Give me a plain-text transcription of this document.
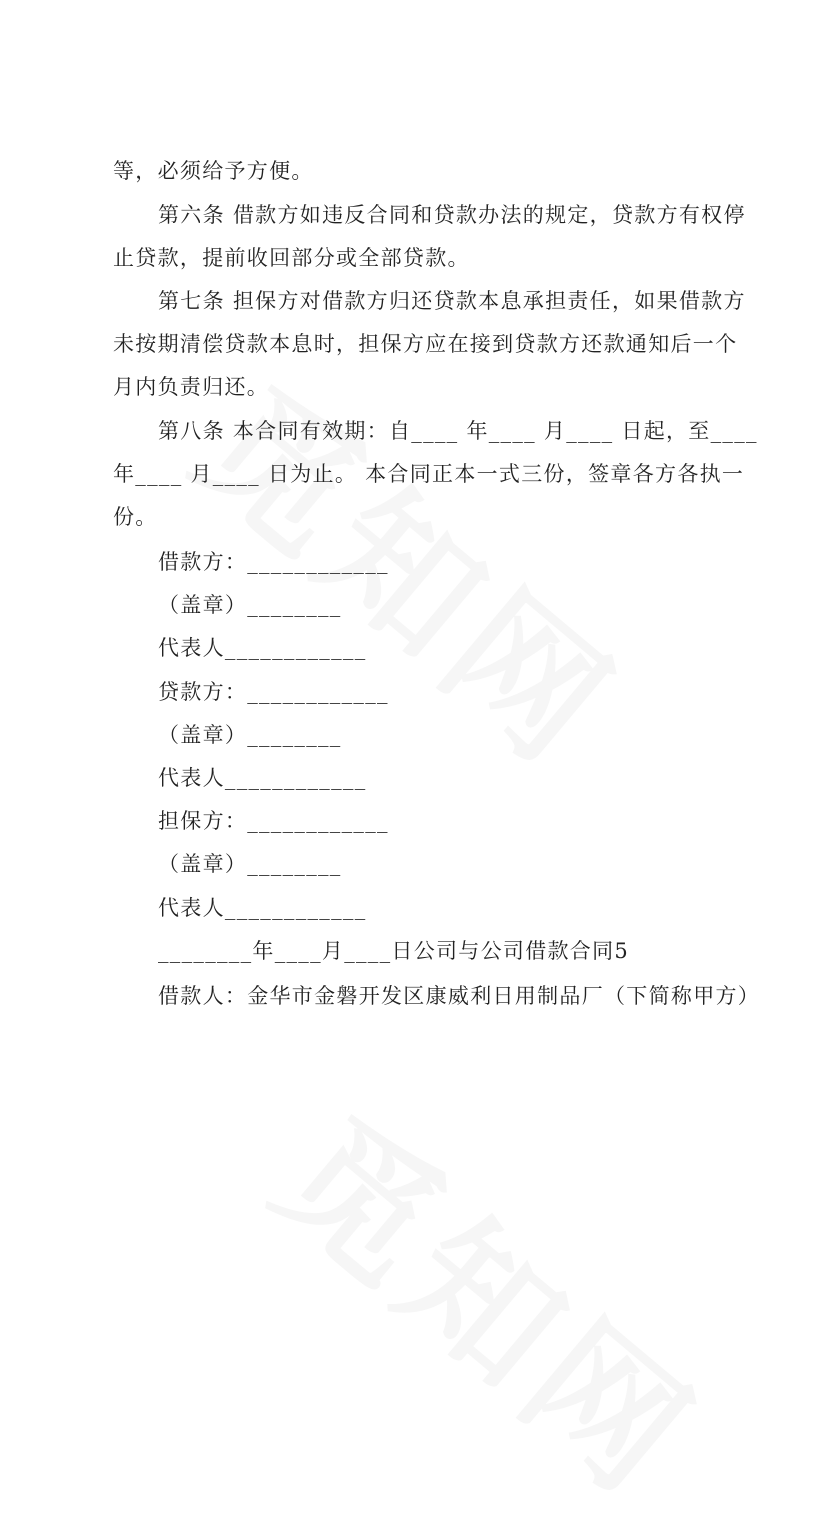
等，必须给予方便。
第六条 借款方如违反合同和贷款办法的规定，贷款方有权停
止贷款，提前收回部分或全部贷款。
第七条 担保方对借款方归还贷款本息承担责任，如果借款方
未按期清偿贷款本息时，担保方应在接到贷款方还款通知后一个
月内负责归还。
第八条 本合同有效期：自____ 年____ 月____ 日起，至____
年____ 月____ 日为止。 本合同正本一式三份，签章各方各执一
份。
借款方：____________
（盖章）________
代表人____________
贷款方：____________
（盖章）________
代表人____________
担保方：____________
（盖章）________
代表人____________
________年____月____日公司与公司借款合同5
借款人：金华市金磐开发区康威利日用制品厂（下简称甲方）
